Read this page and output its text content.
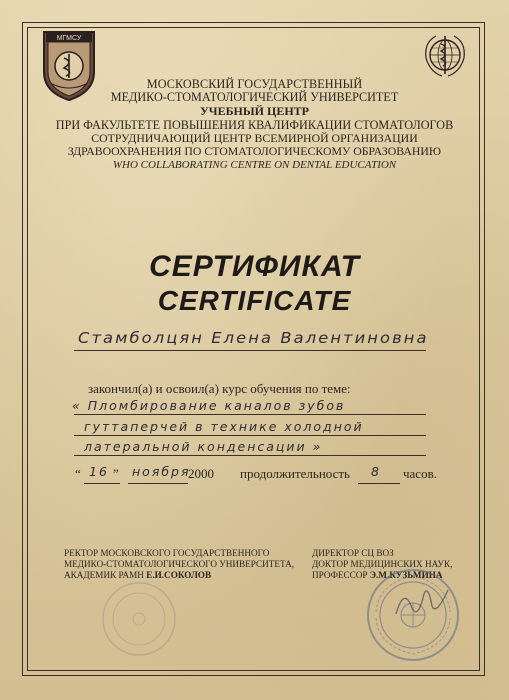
МГМСУ
МОСКОВСКИЙ ГОСУДАРСТВЕННЫЙ
МЕДИКО-СТОМАТОЛОГИЧЕСКИЙ УНИВЕРСИТЕТ
УЧЕБНЫЙ ЦЕНТР
ПРИ ФАКУЛЬТЕТЕ ПОВЫШЕНИЯ КВАЛИФИКАЦИИ СТОМАТОЛОГОВ
СОТРУДНИЧАЮЩИЙ ЦЕНТР ВСЕМИРНОЙ ОРГАНИЗАЦИИ
ЗДРАВООХРАНЕНИЯ ПО СТОМАТОЛОГИЧЕСКОМУ ОБРАЗОВАНИЮ
WHO COLLABORATING CENTRE ON DENTAL EDUCATION
СЕРТИФИКАТ
CERTIFICATE
Стамболцян Елена Валентиновна
закончил(а) и освоил(а) курс обучения по теме:
« Пломбирование каналов зубов
гуттаперчей в технике холодной
латеральной конденсации »
“ 16 ” ноября
2000 продолжительность 8 часов.
РЕКТОР МОСКОВСКОГО ГОСУДАРСТВЕННОГО
МЕДИКО-СТОМАТОЛОГИЧЕСКОГО УНИВЕРСИТЕТА,
АКАДЕМИК РАМН Е.И.СОКОЛОВ
ДИРЕКТОР СЦ ВОЗ
ДОКТОР МЕДИЦИНСКИХ НАУК,
ПРОФЕССОР Э.М.КУЗЬМИНА
